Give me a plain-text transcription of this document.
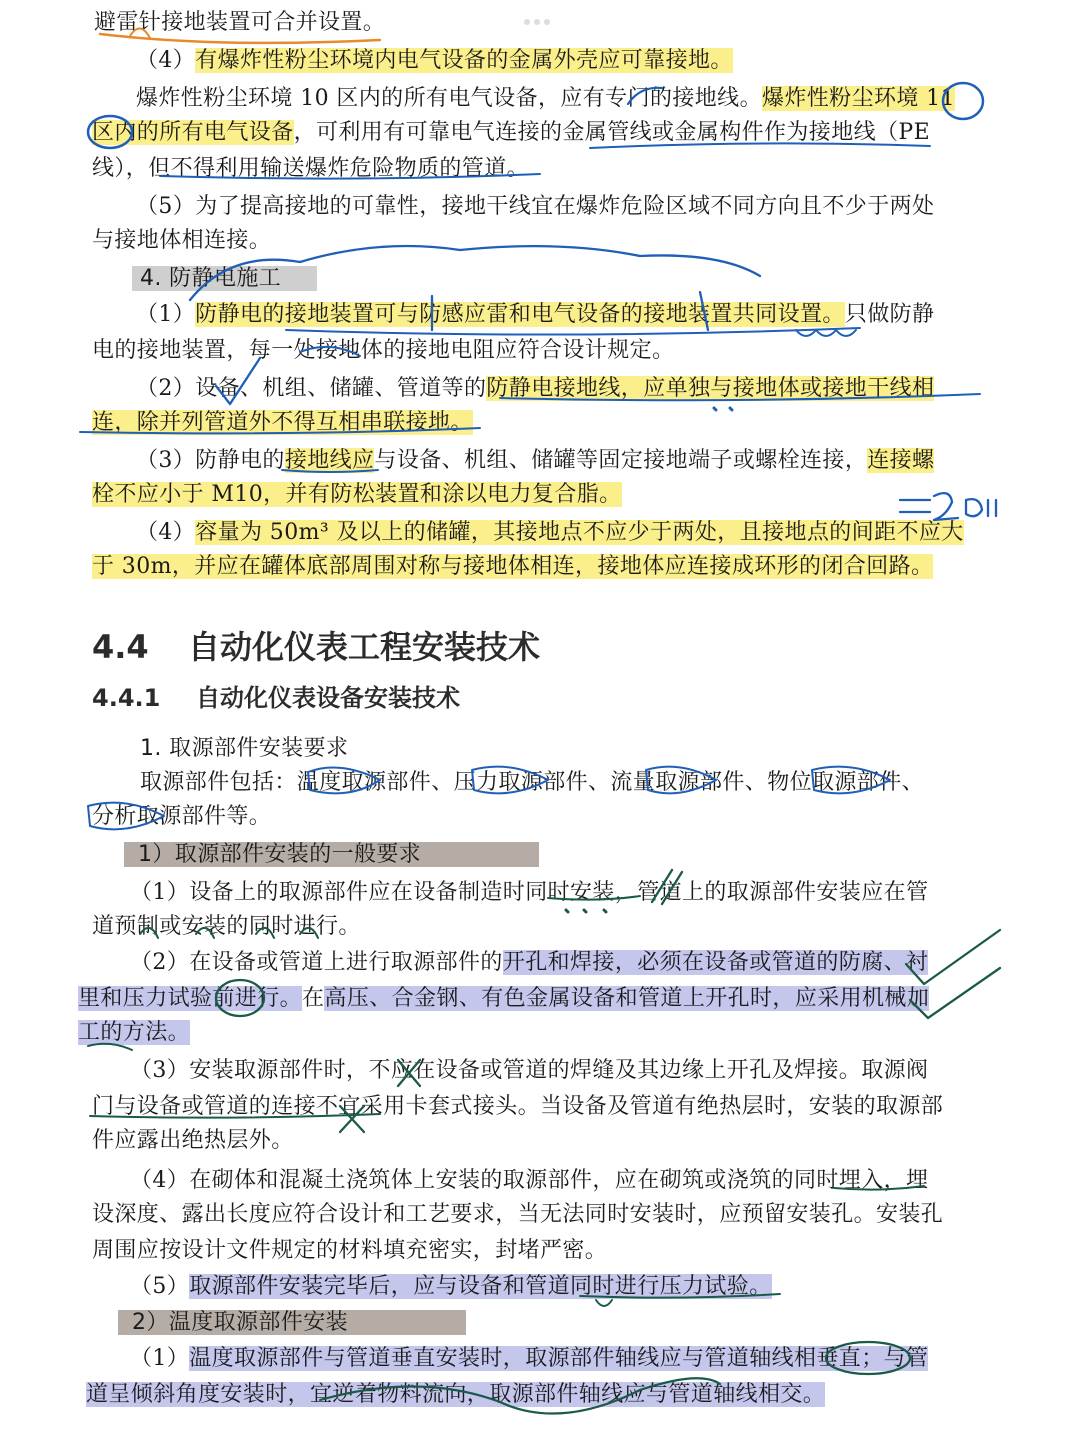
避雷针接地装置可合并设置。
（4）有爆炸性粉尘环境内电气设备的金属外壳应可靠接地。
爆炸性粉尘环境 10 区内的所有电气设备，应有专门的接地线。爆炸性粉尘环境 11
区内的所有电气设备，可利用有可靠电气连接的金属管线或金属构件作为接地线（PE
线），但不得利用输送爆炸危险物质的管道。
（5）为了提高接地的可靠性，接地干线宜在爆炸危险区域不同方向且不少于两处
与接地体相连接。
4. 防静电施工
（1）防静电的接地装置可与防感应雷和电气设备的接地装置共同设置。只做防静
电的接地装置，每一处接地体的接地电阻应符合设计规定。
（2）设备、机组、储罐、管道等的防静电接地线，应单独与接地体或接地干线相
连，除并列管道外不得互相串联接地。
（3）防静电的接地线应与设备、机组、储罐等固定接地端子或螺栓连接，连接螺
栓不应小于 M10，并有防松装置和涂以电力复合脂。
（4）容量为 50m³ 及以上的储罐，其接地点不应少于两处，且接地点的间距不应大
于 30m，并应在罐体底部周围对称与接地体相连，接地体应连接成环形的闭合回路。
4.4 自动化仪表工程安装技术
4.4.1 自动化仪表设备安装技术
1. 取源部件安装要求
取源部件包括：温度取源部件、压力取源部件、流量取源部件、物位取源部件、
分析取源部件等。
1）取源部件安装的一般要求
（1）设备上的取源部件应在设备制造时同时安装，管道上的取源部件安装应在管
道预制或安装的同时进行。
（2）在设备或管道上进行取源部件的开孔和焊接，必须在设备或管道的防腐、衬
里和压力试验前进行。在高压、合金钢、有色金属设备和管道上开孔时，应采用机械加
工的方法。
（3）安装取源部件时，不应在设备或管道的焊缝及其边缘上开孔及焊接。取源阀
门与设备或管道的连接不宜采用卡套式接头。当设备及管道有绝热层时，安装的取源部
件应露出绝热层外。
（4）在砌体和混凝土浇筑体上安装的取源部件，应在砌筑或浇筑的同时埋入，埋
设深度、露出长度应符合设计和工艺要求，当无法同时安装时，应预留安装孔。安装孔
周围应按设计文件规定的材料填充密实，封堵严密。
（5）取源部件安装完毕后，应与设备和管道同时进行压力试验。
2）温度取源部件安装
（1）温度取源部件与管道垂直安装时，取源部件轴线应与管道轴线相垂直；与管
道呈倾斜角度安装时，宜逆着物料流向，取源部件轴线应与管道轴线相交。
